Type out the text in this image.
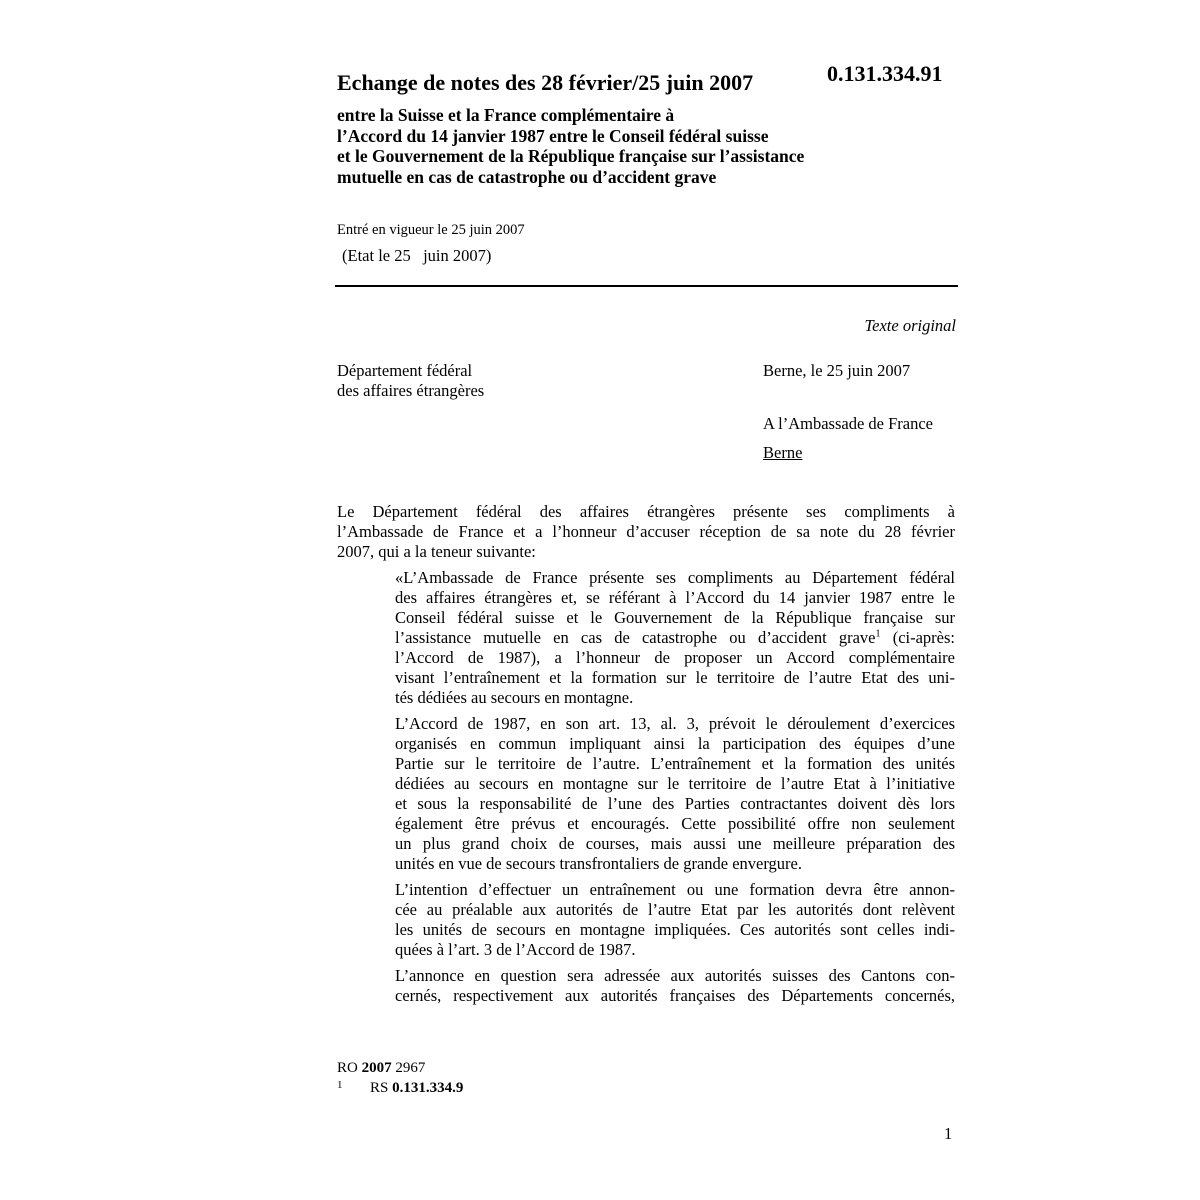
Echange de notes des 28 février/25 juin 2007	0.131.334.91
entre la Suisse et la France complémentaire à
l’Accord du 14 janvier 1987 entre le Conseil fédéral suisse
et le Gouvernement de la République française sur l’assistance
mutuelle en cas de catastrophe ou d’accident grave
Entré en vigueur le 25 juin 2007
(Etat le 25   juin 2007)
Texte original
Département fédéral
des affaires étrangères
Berne, le 25 juin 2007
A l’Ambassade de France
Berne
Le Département fédéral des affaires étrangères présente ses compliments à
l’Ambassade de France et a l’honneur d’accuser réception de sa note du 28 février
2007, qui a la teneur suivante:

«L’Ambassade de France présente ses compliments au Département fédéral
des affaires étrangères et, se référant à l’Accord du 14 janvier 1987 entre le
Conseil fédéral suisse et le Gouvernement de la République française sur
l’assistance mutuelle en cas de catastrophe ou d’accident grave$^1$ (ci-après:
l’Accord de 1987), a l’honneur de proposer un Accord complémentaire
visant l’entraînement et la formation sur le territoire de l’autre Etat des uni-
tés dédiées au secours en montagne.

L’Accord de 1987, en son art. 13, al. 3, prévoit le déroulement d’exercices
organisés en commun impliquant ainsi la participation des équipes d’une
Partie sur le territoire de l’autre. L’entraînement et la formation des unités
dédiées au secours en montagne sur le territoire de l’autre Etat à l’initiative
et sous la responsabilité de l’une des Parties contractantes doivent dès lors
également être prévus et encouragés. Cette possibilité offre non seulement
un plus grand choix de courses, mais aussi une meilleure préparation des
unités en vue de secours transfrontaliers de grande envergure.

L’intention d’effectuer un entraînement ou une formation devra être annon-
cée au préalable aux autorités de l’autre Etat par les autorités dont relèvent
les unités de secours en montagne impliquées. Ces autorités sont celles indi-
quées à l’art. 3 de l’Accord de 1987.

L’annonce en question sera adressée aux autorités suisses des Cantons con-
cernés, respectivement aux autorités françaises des Départements concernés,

RO 2007 2967
1 RS 0.131.334.9
1
